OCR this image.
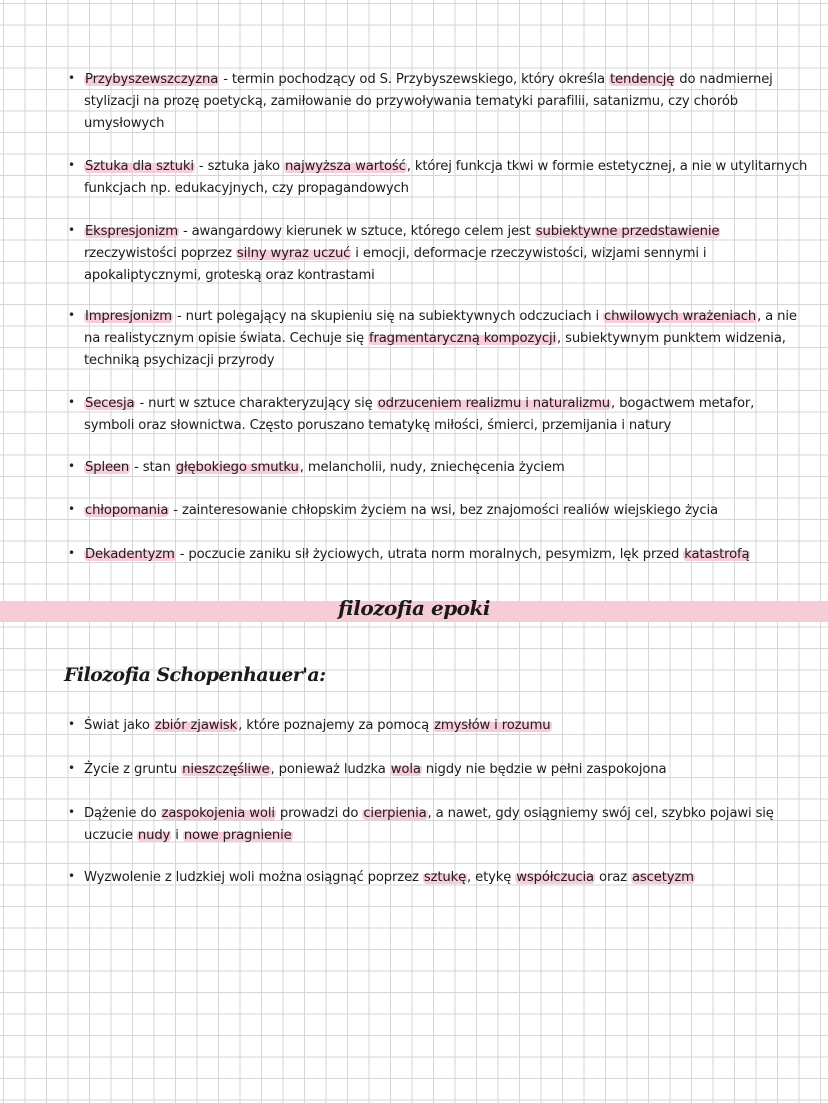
• Przybyszewszczyzna - termin pochodzący od S. Przybyszewskiego, który określa tendencję do nadmiernej stylizacji na prozę poetycką, zamiłowanie do przywoływania tematyki parafilii, satanizmu, czy chorób umysłowych
• Sztuka dla sztuki - sztuka jako najwyższa wartość, której funkcja tkwi w formie estetycznej, a nie w utylitarnych funkcjach np. edukacyjnych, czy propagandowych
• Ekspresjonizm - awangardowy kierunek w sztuce, którego celem jest subiektywne przedstawienie rzeczywistości poprzez silny wyraz uczuć i emocji, deformacje rzeczywistości, wizjami sennymi i apokaliptycznymi, groteską oraz kontrastami
• Impresjonizm - nurt polegający na skupieniu się na subiektywnych odczuciach i chwilowych wrażeniach, a nie na realistycznym opisie świata. Cechuje się fragmentaryczną kompozycji, subiektywnym punktem widzenia, techniką psychizacji przyrody
• Secesja - nurt w sztuce charakteryzujący się odrzuceniem realizmu i naturalizmu, bogactwem metafor, symboli oraz słownictwa. Często poruszano tematykę miłości, śmierci, przemijania i natury
• Spleen - stan głębokiego smutku, melancholii, nudy, zniechęcenia życiem
• chłopomania - zainteresowanie chłopskim życiem na wsi, bez znajomości realiów wiejskiego życia
• Dekadentyzm - poczucie zaniku sił życiowych, utrata norm moralnych, pesymizm, lęk przed katastrofą
filozofia epoki
Filozofia Schopenhauer'a:
• Świat jako zbiór zjawisk, które poznajemy za pomocą zmysłów i rozumu
• Życie z gruntu nieszczęśliwe, ponieważ ludzka wola nigdy nie będzie w pełni zaspokojona
• Dążenie do zaspokojenia woli prowadzi do cierpienia, a nawet, gdy osiągniemy swój cel, szybko pojawi się uczucie nudy i nowe pragnienie
• Wyzwolenie z ludzkiej woli można osiągnąć poprzez sztukę, etykę współczucia oraz ascetyzm
